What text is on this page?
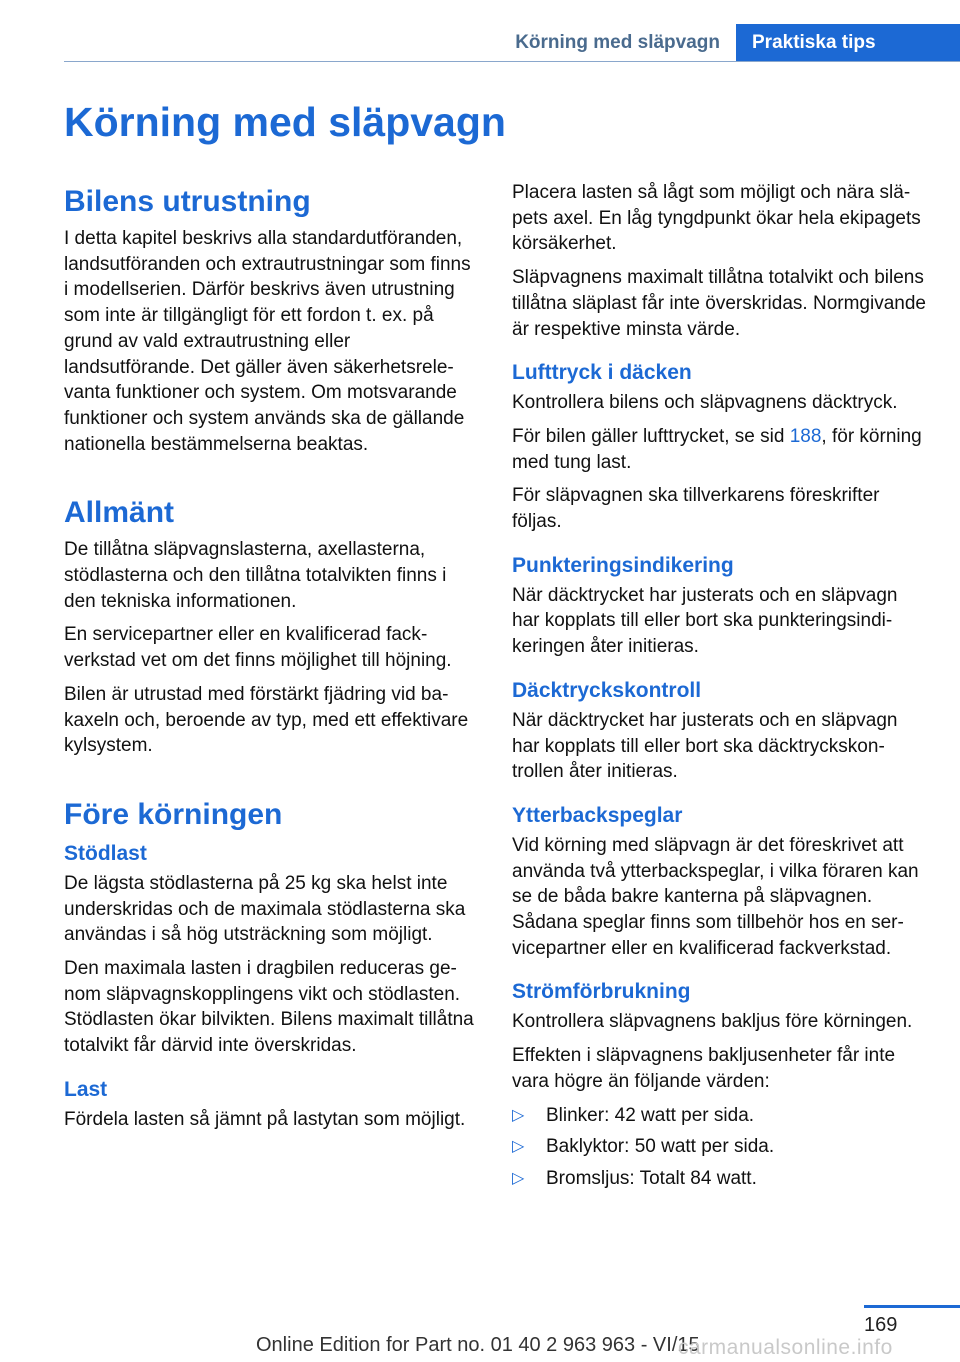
Körning med släpvagn	Praktiska tips
Körning med släpvagn
Bilens utrustning

I detta kapitel beskrivs alla standardutföranden, landsutföranden och extrautrustningar som finns i modellserien. Därför beskrivs även utrustning som inte är tillgängligt för ett fordon t. ex. på grund av vald extrautrustning eller landsutförande. Det gäller även säkerhetsrelevanta funktioner och system. Om motsvarande funktioner och system används ska de gällande nationella bestämmelserna beaktas.

Allmänt

De tillåtna släpvagnslasterna, axellasterna, stödlasterna och den tillåtna totalvikten finns i den tekniska informationen.

En servicepartner eller en kvalificerad fackverkstad vet om det finns möjlighet till höjning.

Bilen är utrustad med förstärkt fjädring vid bakaxeln och, beroende av typ, med ett effektivare kylsystem.

Före körningen
Stödlast

De lägsta stödlasterna på 25 kg ska helst inte underskridas och de maximala stödlasterna ska användas i så hög utsträckning som möjligt.

Den maximala lasten i dragbilen reduceras genom släpvagnskopplingens vikt och stödlasten. Stödlasten ökar bilvikten. Bilens maximalt tillåtna totalvikt får därvid inte överskridas.

Last

Fördela lasten så jämnt på lastytan som möjligt.

Placera lasten så lågt som möjligt och nära släpets axel. En låg tyngdpunkt ökar hela ekipagets körsäkerhet.

Släpvagnens maximalt tillåtna totalvikt och bilens tillåtna släplast får inte överskridas. Normgivande är respektive minsta värde.

Lufttryck i däcken

Kontrollera bilens och släpvagnens däcktryck.

För bilen gäller lufttrycket, se sid 188, för körning med tung last.

För släpvagnen ska tillverkarens föreskrifter följas.

Punkteringsindikering

När däcktrycket har justerats och en släpvagn har kopplats till eller bort ska punkteringsindikeringen åter initieras.

Däcktryckskontroll

När däcktrycket har justerats och en släpvagn har kopplats till eller bort ska däcktryckskontrollen åter initieras.

Ytterbackspeglar

Vid körning med släpvagn är det föreskrivet att använda två ytterbackspeglar, i vilka föraren kan se de båda bakre kanterna på släpvagnen. Sådana speglar finns som tillbehör hos en servicepartner eller en kvalificerad fackverkstad.

Strömförbrukning

Kontrollera släpvagnens bakljus före körningen.

Effekten i släpvagnens bakljusenheter får inte vara högre än följande värden:

▷ Blinker: 42 watt per sida.
▷ Baklyktor: 50 watt per sida.
▷ Bromsljus: Totalt 84 watt.
169
Online Edition for Part no. 01 40 2 963 963 - VI/15
carmanualsonline.info
